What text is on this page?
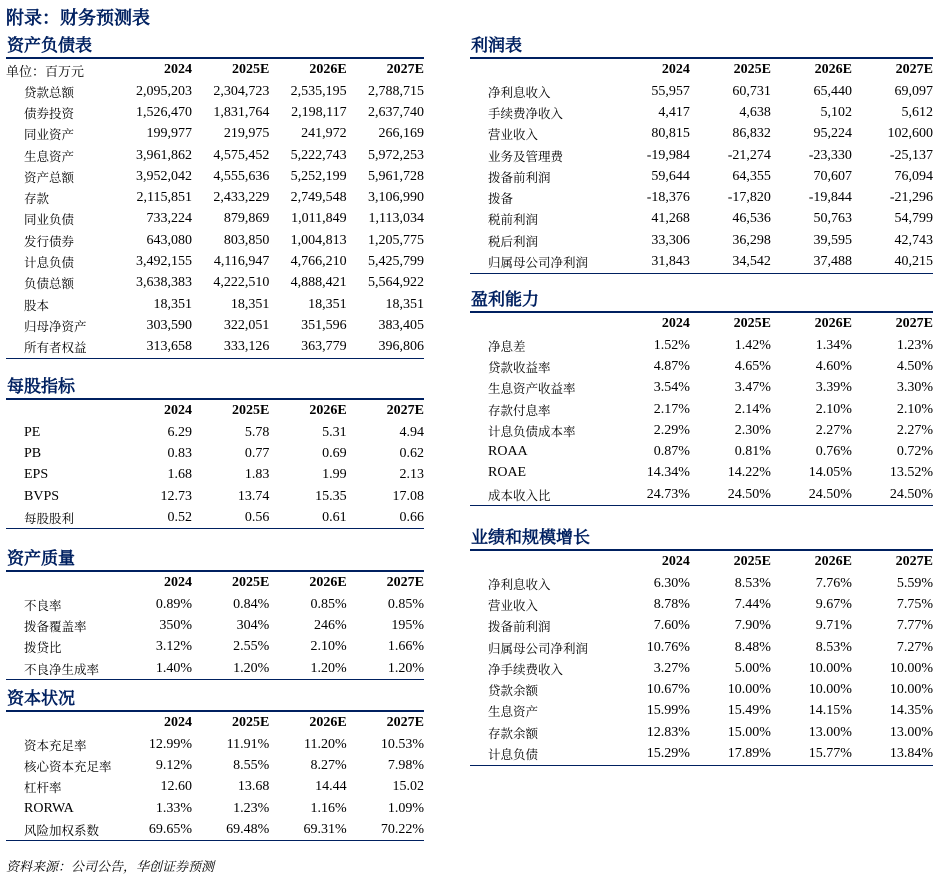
附录：财务预测表
资产负债表
单位：百万元	2024	2025E	2026E	2027E
贷款总额	2,095,203	2,304,723	2,535,195	2,788,715
债券投资	1,526,470	1,831,764	2,198,117	2,637,740
同业资产	199,977	219,975	241,972	266,169
生息资产	3,961,862	4,575,452	5,222,743	5,972,253
资产总额	3,952,042	4,555,636	5,252,199	5,961,728
存款	2,115,851	2,433,229	2,749,548	3,106,990
同业负债	733,224	879,869	1,011,849	1,113,034
发行债券	643,080	803,850	1,004,813	1,205,775
计息负债	3,492,155	4,116,947	4,766,210	5,425,799
负债总额	3,638,383	4,222,510	4,888,421	5,564,922
股本	18,351	18,351	18,351	18,351
归母净资产	303,590	322,051	351,596	383,405
所有者权益	313,658	333,126	363,779	396,806
每股指标
	2024	2025E	2026E	2027E
PE	6.29	5.78	5.31	4.94
PB	0.83	0.77	0.69	0.62
EPS	1.68	1.83	1.99	2.13
BVPS	12.73	13.74	15.35	17.08
每股股利	0.52	0.56	0.61	0.66
资产质量
	2024	2025E	2026E	2027E
不良率	0.89%	0.84%	0.85%	0.85%
拨备覆盖率	350%	304%	246%	195%
拨贷比	3.12%	2.55%	2.10%	1.66%
不良净生成率	1.40%	1.20%	1.20%	1.20%
资本状况
	2024	2025E	2026E	2027E
资本充足率	12.99%	11.91%	11.20%	10.53%
核心资本充足率	9.12%	8.55%	8.27%	7.98%
杠杆率	12.60	13.68	14.44	15.02
RORWA	1.33%	1.23%	1.16%	1.09%
风险加权系数	69.65%	69.48%	69.31%	70.22%
利润表
	2024	2025E	2026E	2027E
净利息收入	55,957	60,731	65,440	69,097
手续费净收入	4,417	4,638	5,102	5,612
营业收入	80,815	86,832	95,224	102,600
业务及管理费	-19,984	-21,274	-23,330	-25,137
拨备前利润	59,644	64,355	70,607	76,094
拨备	-18,376	-17,820	-19,844	-21,296
税前利润	41,268	46,536	50,763	54,799
税后利润	33,306	36,298	39,595	42,743
归属母公司净利润	31,843	34,542	37,488	40,215
盈利能力
	2024	2025E	2026E	2027E
净息差	1.52%	1.42%	1.34%	1.23%
贷款收益率	4.87%	4.65%	4.60%	4.50%
生息资产收益率	3.54%	3.47%	3.39%	3.30%
存款付息率	2.17%	2.14%	2.10%	2.10%
计息负债成本率	2.29%	2.30%	2.27%	2.27%
ROAA	0.87%	0.81%	0.76%	0.72%
ROAE	14.34%	14.22%	14.05%	13.52%
成本收入比	24.73%	24.50%	24.50%	24.50%
业绩和规模增长
	2024	2025E	2026E	2027E
净利息收入	6.30%	8.53%	7.76%	5.59%
营业收入	8.78%	7.44%	9.67%	7.75%
拨备前利润	7.60%	7.90%	9.71%	7.77%
归属母公司净利润	10.76%	8.48%	8.53%	7.27%
净手续费收入	3.27%	5.00%	10.00%	10.00%
贷款余额	10.67%	10.00%	10.00%	10.00%
生息资产	15.99%	15.49%	14.15%	14.35%
存款余额	12.83%	15.00%	13.00%	13.00%
计息负债	15.29%	17.89%	15.77%	13.84%
资料来源：公司公告，华创证券预测
